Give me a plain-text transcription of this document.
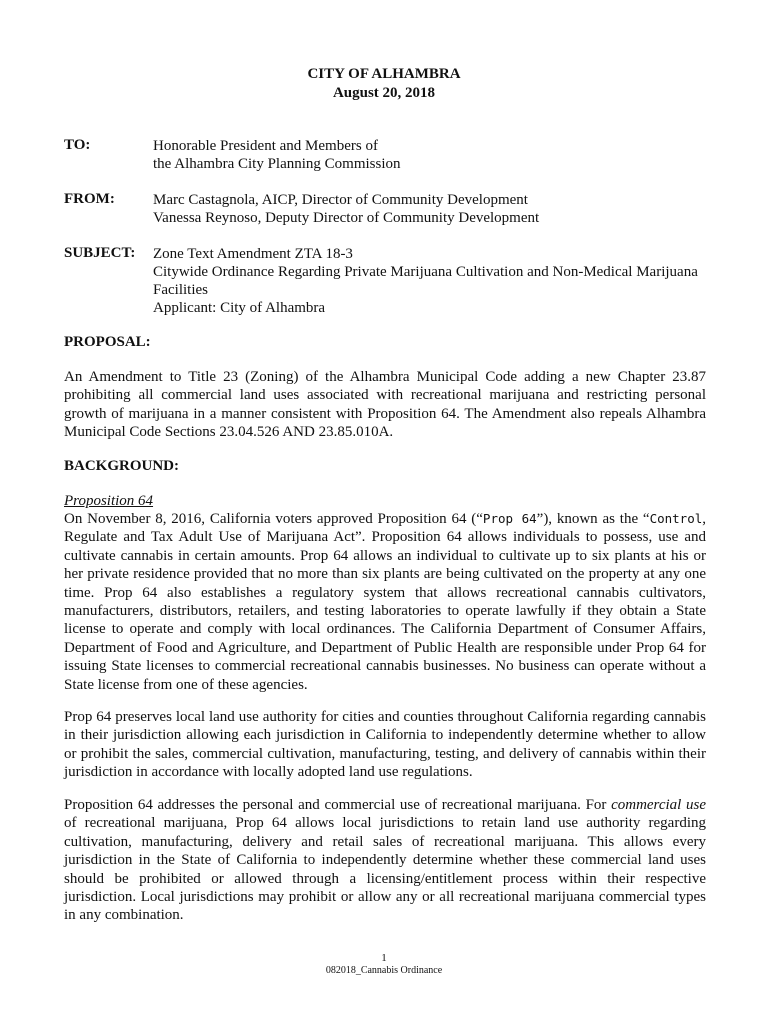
CITY OF ALHAMBRA
August 20, 2018
TO:	Honorable President and Members of
the Alhambra City Planning Commission
FROM:	Marc Castagnola, AICP, Director of Community Development
Vanessa Reynoso, Deputy Director of Community Development
SUBJECT: Zone Text Amendment ZTA 18-3
Citywide Ordinance Regarding Private Marijuana Cultivation and Non-Medical Marijuana
Facilities
Applicant: City of Alhambra
PROPOSAL:

An Amendment to Title 23 (Zoning) of the Alhambra Municipal Code adding a new Chapter 23.87 prohibiting all commercial land uses associated with recreational marijuana and restricting personal growth of marijuana in a manner consistent with Proposition 64. The Amendment also repeals Alhambra Municipal Code Sections 23.04.526 AND 23.85.010A.

BACKGROUND:
Proposition 64

On November 8, 2016, California voters approved Proposition 64 (“Prop 64”), known as the “Control, Regulate and Tax Adult Use of Marijuana Act”. Proposition 64 allows individuals to possess, use and cultivate cannabis in certain amounts. Prop 64 allows an individual to cultivate up to six plants at his or her private residence provided that no more than six plants are being cultivated on the property at any one time. Prop 64 also establishes a regulatory system that allows recreational cannabis cultivators, manufacturers, distributors, retailers, and testing laboratories to operate lawfully if they obtain a State license to operate and comply with local ordinances. The California Department of Consumer Affairs, Department of Food and Agriculture, and Department of Public Health are responsible under Prop 64 for issuing State licenses to commercial recreational cannabis businesses. No business can operate without a State license from one of these agencies.

Prop 64 preserves local land use authority for cities and counties throughout California regarding cannabis in their jurisdiction allowing each jurisdiction in California to independently determine whether to allow or prohibit the sales, commercial cultivation, manufacturing, testing, and delivery of cannabis within their jurisdiction in accordance with locally adopted land use regulations.

Proposition 64 addresses the personal and commercial use of recreational marijuana. For commercial use of recreational marijuana, Prop 64 allows local jurisdictions to retain land use authority regarding cultivation, manufacturing, delivery and retail sales of recreational marijuana. This allows every jurisdiction in the State of California to independently determine whether these commercial land uses should be prohibited or allowed through a licensing/entitlement process within their respective jurisdiction. Local jurisdictions may prohibit or allow any or all recreational marijuana commercial types in any combination.

1
082018_Cannabis Ordinance
